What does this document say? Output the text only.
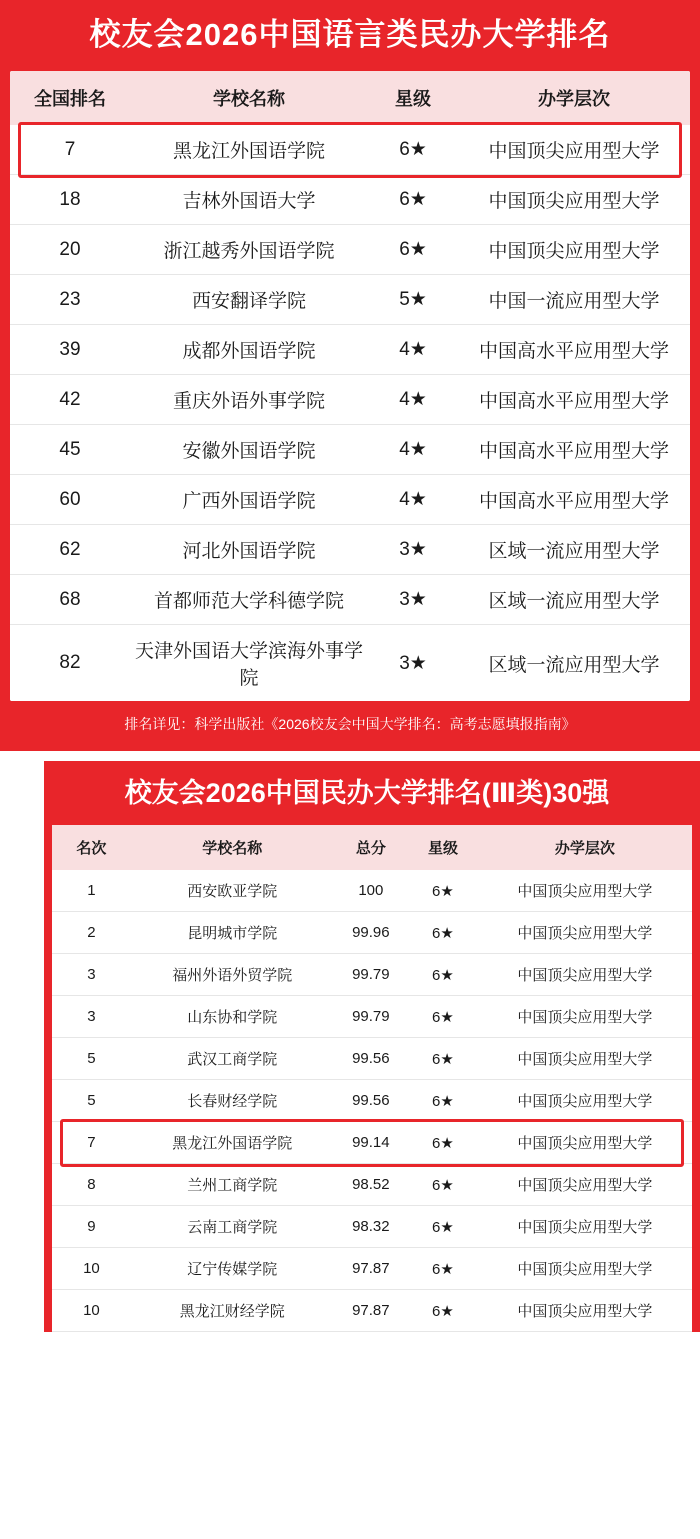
校友会2026中国语言类民办大学排名
全国排名	学校名称	星级	办学层次
7	黑龙江外国语学院	6★	中国顶尖应用型大学
18	吉林外国语大学	6★	中国顶尖应用型大学
20	浙江越秀外国语学院	6★	中国顶尖应用型大学
23	西安翻译学院	5★	中国一流应用型大学
39	成都外国语学院	4★	中国高水平应用型大学
42	重庆外语外事学院	4★	中国高水平应用型大学
45	安徽外国语学院	4★	中国高水平应用型大学
60	广西外国语学院	4★	中国高水平应用型大学
62	河北外国语学院	3★	区域一流应用型大学
68	首都师范大学科德学院	3★	区域一流应用型大学
82	天津外国语大学滨海外事学院	3★	区域一流应用型大学
排名详见：科学出版社《2026校友会中国大学排名：高考志愿填报指南》
校友会2026中国民办大学排名(Ⅲ类)30强
名次	学校名称	总分	星级	办学层次
1	西安欧亚学院	100	6★	中国顶尖应用型大学
2	昆明城市学院	99.96	6★	中国顶尖应用型大学
3	福州外语外贸学院	99.79	6★	中国顶尖应用型大学
3	山东协和学院	99.79	6★	中国顶尖应用型大学
5	武汉工商学院	99.56	6★	中国顶尖应用型大学
5	长春财经学院	99.56	6★	中国顶尖应用型大学
7	黑龙江外国语学院	99.14	6★	中国顶尖应用型大学
8	兰州工商学院	98.52	6★	中国顶尖应用型大学
9	云南工商学院	98.32	6★	中国顶尖应用型大学
10	辽宁传媒学院	97.87	6★	中国顶尖应用型大学
10	黑龙江财经学院	97.87	6★	中国顶尖应用型大学
